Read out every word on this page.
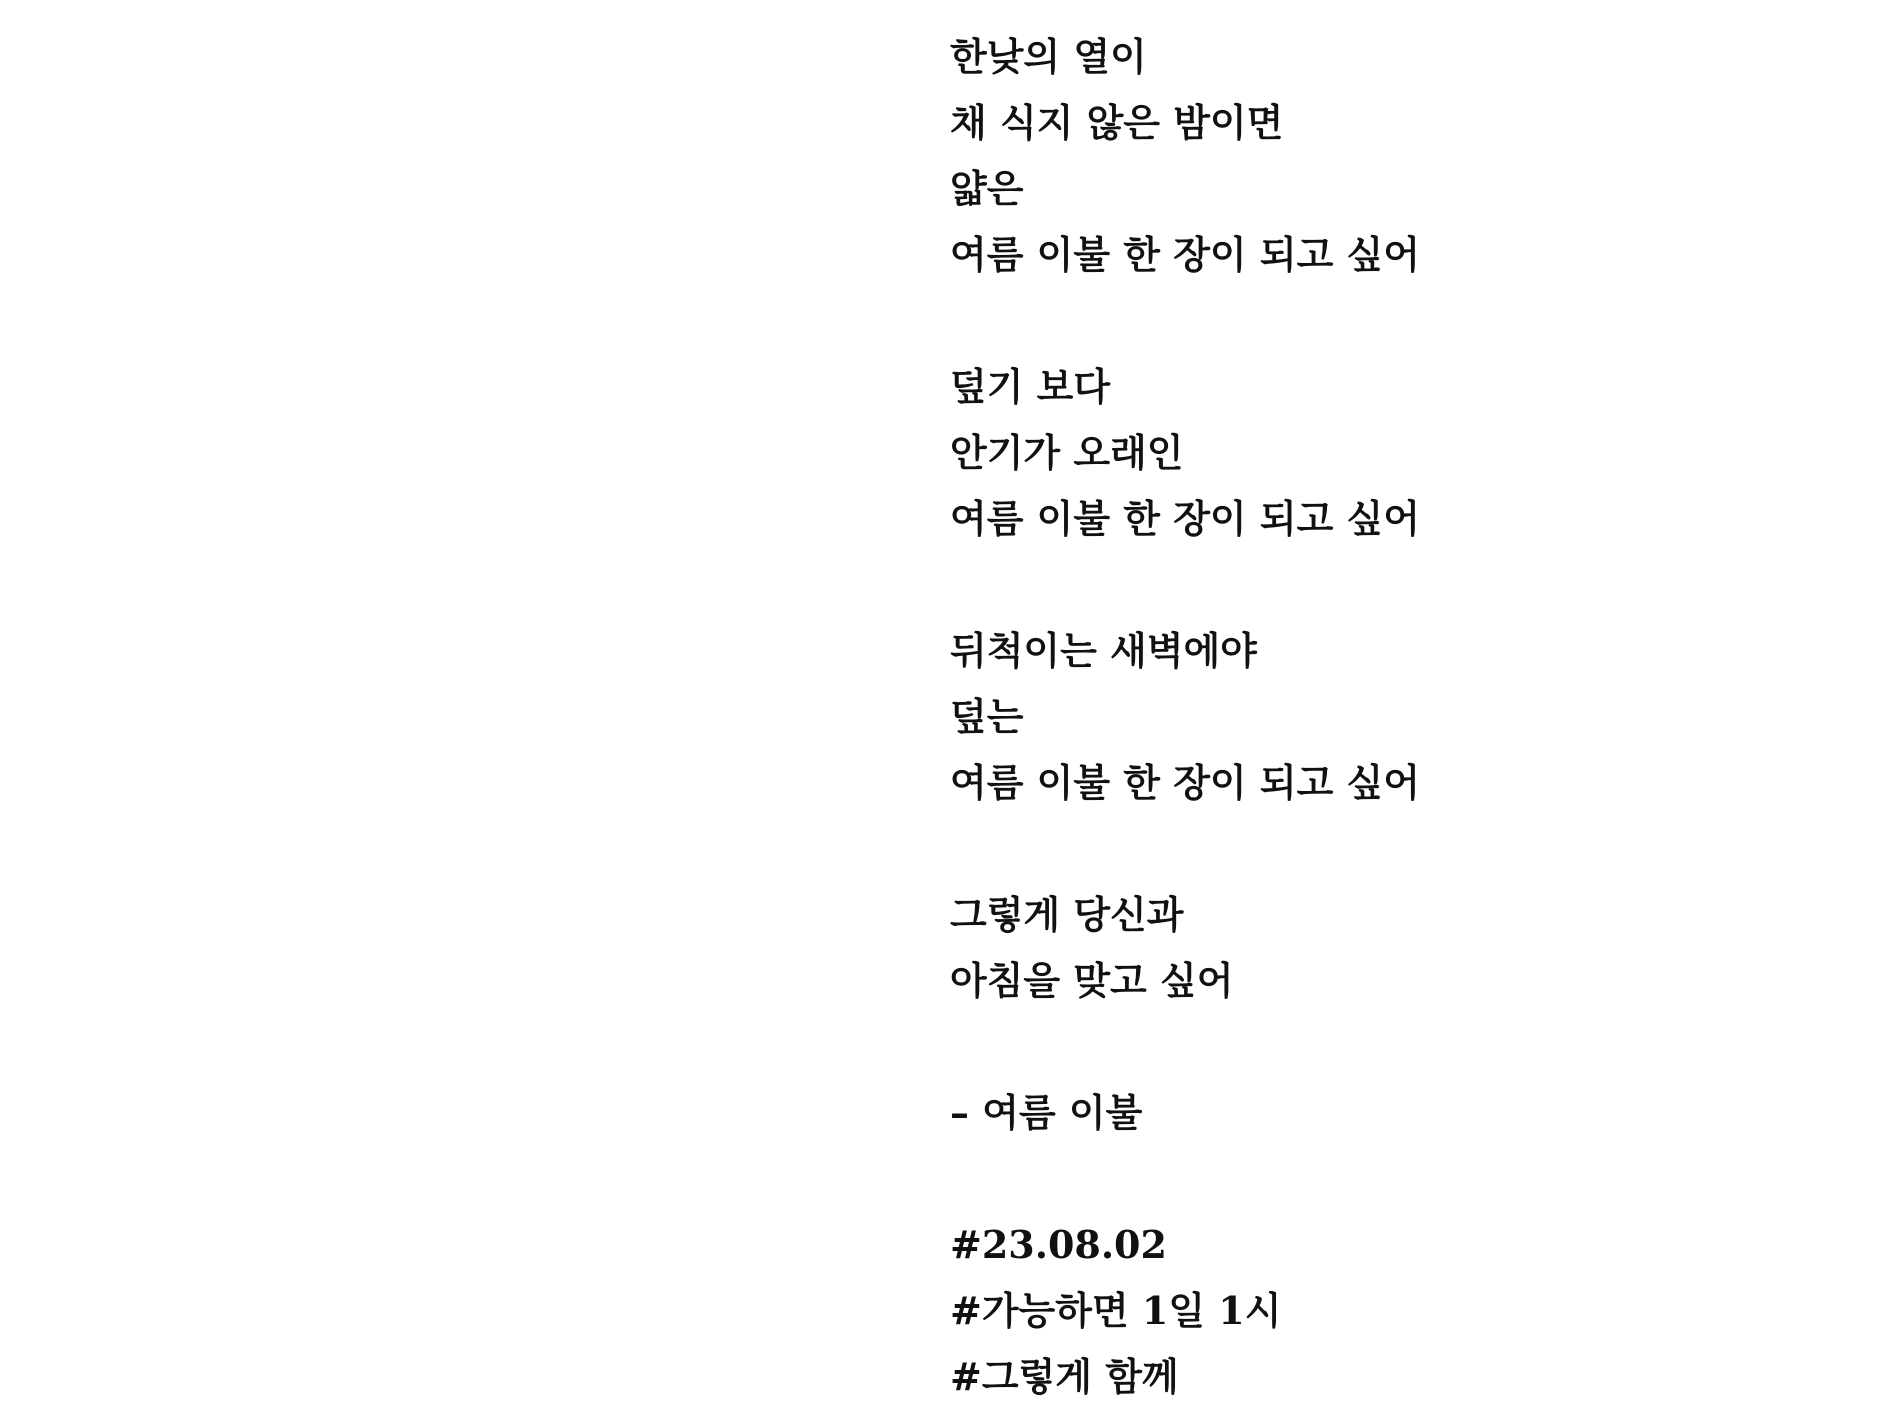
한낮의 열이
채 식지 않은 밤이면
얇은
여름 이불 한 장이 되고 싶어
덮기 보다
안기가 오래인
여름 이불 한 장이 되고 싶어
뒤척이는 새벽에야
덮는
여름 이불 한 장이 되고 싶어
그렇게 당신과
아침을 맞고 싶어
– 여름 이불
#23.08.02
#가능하면 1일 1시
#그렇게 함께
